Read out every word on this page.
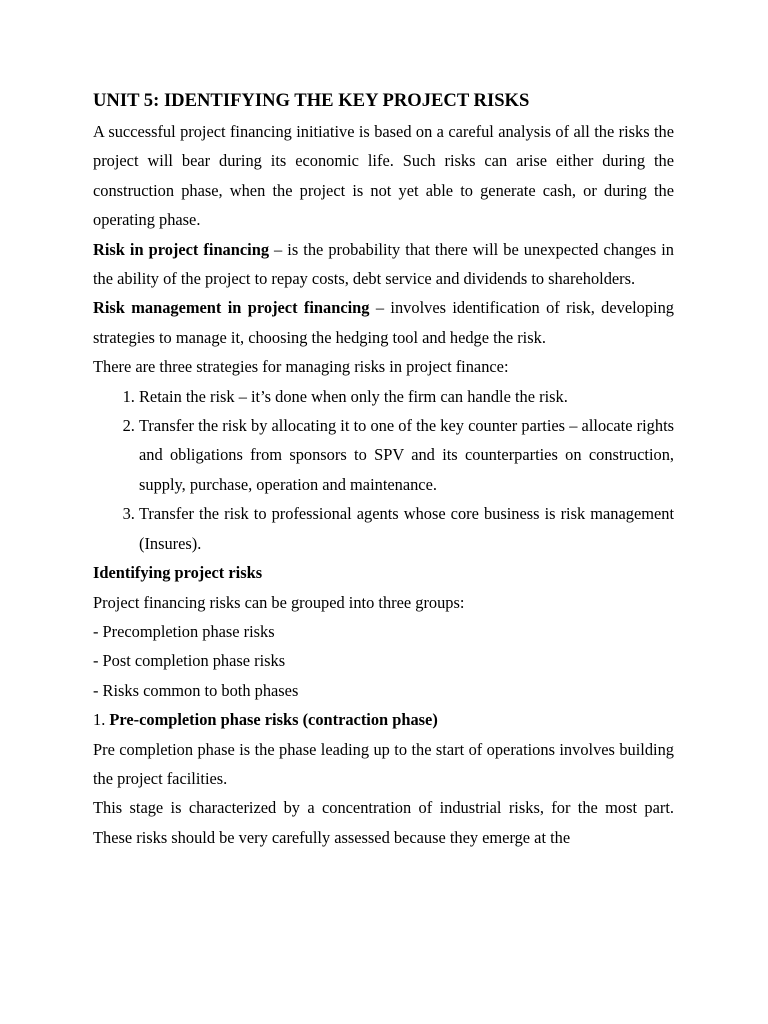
UNIT 5: IDENTIFYING THE KEY PROJECT RISKS

A successful project financing initiative is based on a careful analysis of all the risks the project will bear during its economic life. Such risks can arise either during the construction phase, when the project is not yet able to generate cash, or during the operating phase.

Risk in project financing – is the probability that there will be unexpected changes in the ability of the project to repay costs, debt service and dividends to shareholders.

Risk management in project financing – involves identification of risk, developing strategies to manage it, choosing the hedging tool and hedge the risk.

There are three strategies for managing risks in project finance:

1. Retain the risk – it’s done when only the firm can handle the risk.
2. Transfer the risk by allocating it to one of the key counter parties – allocate rights and obligations from sponsors to SPV and its counterparties on construction, supply, purchase, operation and maintenance.
3. Transfer the risk to professional agents whose core business is risk management (Insures).

Identifying project risks

Project financing risks can be grouped into three groups:

- Precompletion phase risks

- Post completion phase risks

- Risks common to both phases

1. Pre-completion phase risks (contraction phase)

Pre completion phase is the phase leading up to the start of operations involves building the project facilities.

This stage is characterized by a concentration of industrial risks, for the most part. These risks should be very carefully assessed because they emerge at the
